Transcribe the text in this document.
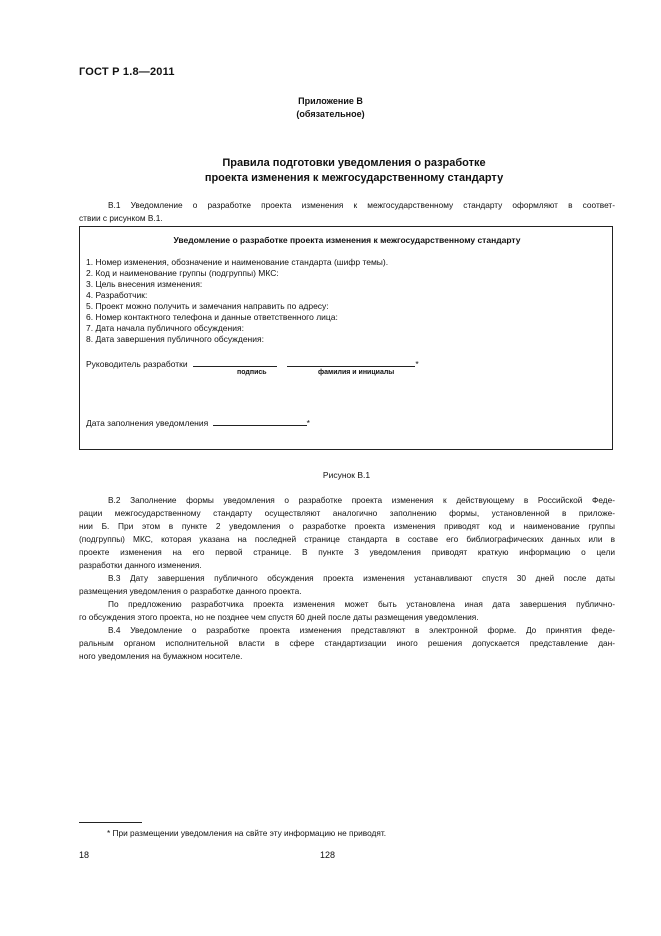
ГОСТ Р 1.8—2011
Приложение В
(обязательное)
Правила подготовки уведомления о разработке
проекта изменения к межгосударственному стандарту
В.1 Уведомление о разработке проекта изменения к межгосударственному стандарту оформляют в соответ-
ствии с рисунком В.1.
Уведомление о разработке проекта изменения к межгосударственному стандарту
1. Номер изменения, обозначение и наименование стандарта (шифр темы).
2. Код и наименование группы (подгруппы) МКС:
3. Цель внесения изменения:
4. Разработчик:
5. Проект можно получить и замечания направить по адресу:
6. Номер контактного телефона и данные ответственного лица:
7. Дата начала публичного обсуждения:
8. Дата завершения публичного обсуждения:
Руководитель разработки	*
подпись	фамилия и инициалы
Дата заполнения уведомления	*
Рисунок В.1
В.2 Заполнение формы уведомления о разработке проекта изменения к действующему в Российской Феде-
рации межгосударственному стандарту осуществляют аналогично заполнению формы, установленной в приложе-
нии Б. При этом в пункте 2 уведомления о разработке проекта изменения приводят код и наименование группы
(подгруппы) МКС, которая указана на последней странице стандарта в составе его библиографических данных или в
проекте изменения на его первой странице. В пункте 3 уведомления приводят краткую информацию о цели
разработки данного изменения.
В.3 Дату завершения публичного обсуждения проекта изменения устанавливают спустя 30 дней после даты
размещения уведомления о разработке данного проекта.
По предложению разработчика проекта изменения может быть установлена иная дата завершения публично-
го обсуждения этого проекта, но не позднее чем спустя 60 дней после даты размещения уведомления.
В.4 Уведомление о разработке проекта изменения представляют в электронной форме. До принятия феде-
ральным органом исполнительной власти в сфере стандартизации иного решения допускается представление дан-
ного уведомления на бумажном носителе.
* При размещении уведомления на свйте эту информацию не приводят.
18	128
